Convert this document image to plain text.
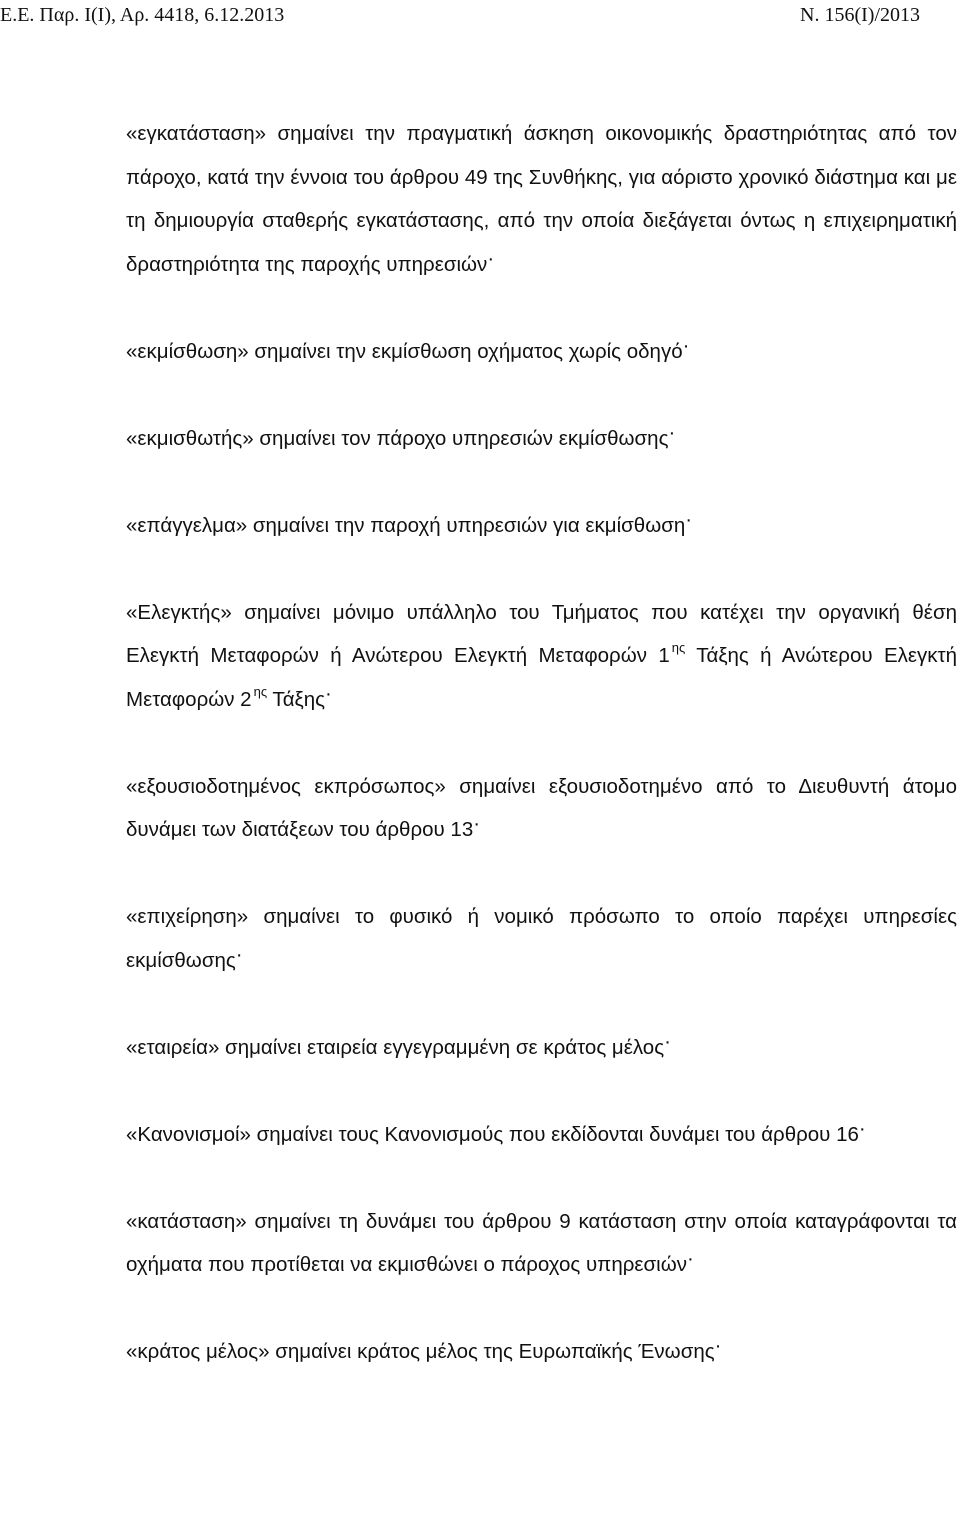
Ε.Ε. Παρ. Ι(Ι), Αρ. 4418, 6.12.2013	Ν. 156(Ι)/2013

«εγκατάσταση» σημαίνει την πραγματική άσκηση οικονομικής δραστηριότητας από τον πάροχο, κατά την έννοια του άρθρου 49 της Συνθήκης, για αόριστο χρονικό διάστημα και με τη δημιουργία σταθερής εγκατάστασης, από την οποία διεξάγεται όντως η επιχειρηματική δραστηριότητα της παροχής υπηρεσιών·

«εκμίσθωση» σημαίνει την εκμίσθωση οχήματος χωρίς οδηγό·

«εκμισθωτής» σημαίνει τον πάροχο υπηρεσιών εκμίσθωσης·

«επάγγελμα» σημαίνει την παροχή υπηρεσιών για εκμίσθωση·

«Ελεγκτής» σημαίνει μόνιμο υπάλληλο του Τμήματος που κατέχει την οργανική θέση Ελεγκτή Μεταφορών ή Ανώτερου Ελεγκτή Μεταφορών 1 $^{\eta\varsigma}$ Τάξης ή Ανώτερου Ελεγκτή Μεταφορών 2 $^{\eta\varsigma}$ Τάξης·

«εξουσιοδοτημένος εκπρόσωπος» σημαίνει εξουσιοδοτημένο από το Διευθυντή άτομο δυνάμει των διατάξεων του άρθρου 13·

«επιχείρηση» σημαίνει το φυσικό ή νομικό πρόσωπο το οποίο παρέχει υπηρεσίες εκμίσθωσης·

«εταιρεία» σημαίνει εταιρεία εγγεγραμμένη σε κράτος μέλος·

«Κανονισμοί» σημαίνει τους Κανονισμούς που εκδίδονται δυνάμει του άρθρου 16·

«κατάσταση» σημαίνει τη δυνάμει του άρθρου 9 κατάσταση στην οποία καταγράφονται τα οχήματα που προτίθεται να εκμισθώνει ο πάροχος υπηρεσιών·

«κράτος μέλος» σημαίνει κράτος μέλος της Ευρωπαϊκής Ένωσης·
